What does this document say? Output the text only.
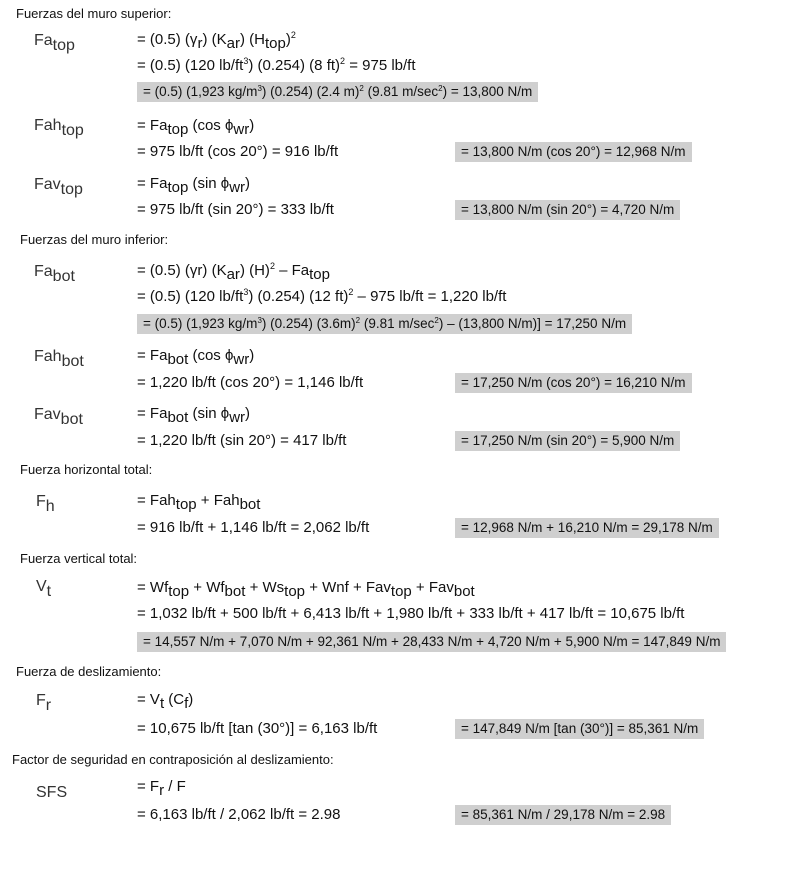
Fuerzas del muro superior:
$Fa_{top}$	= (0.5) $(\gamma_r)$ $(K_{ar})$ $(H_{top})^2$
= (0.5) (120 $lb/ft^3$) (0.254) (8 ft)$^2$ = 975 lb/ft
= (0.5) (1,923 $kg/m^3$) (0.254) (2.4 m)$^2$ (9.81 $m/\sec^2) = 13,800$ N/m
Fah$_{top}$	= $Fa_{top}$ (cos $\phi_{wr}$)
= 975 lb/ft (cos 20°) = 916 lb/ft	= 13,800 N/m (cos 20°) = 12,968 N/m
Fav$_{top}$	= $Fa_{top}$ (sin $\phi_{wr}$)
= 975 lb/ft (sin 20°) = 333 lb/ft	= 13,800 N/m (sin 20°) = 4,720 N/m
Fuerzas del muro inferior:
$Fa_{bot}$	= (0.5) (γr) $(K_{ar})$ $(H)^2 - Fa_{top}$
= (0.5) (120 $lb/ft^3$) (0.254) (12 ft)$^2$ – 975 lb/ft = 1,220 lb/ft
= (0.5) (1,923 $kg/m^3$) (0.254) $(3.6m)^2$ (9.81 $m/\sec^2) - (13,800$ N/m)] = 17,250 N/m
Fah$_{bot}$	= $Fa_{bot}$ (cos $\phi_{wr}$)
= 1,220 lb/ft (cos 20°) = 1,146 lb/ft	= 17,250 N/m (cos 20°) = 16,210 N/m
Fav$_{bot}$	= $Fa_{bot}$ (sin $\phi_{wr}$)
= 1,220 lb/ft (sin 20°) = 417 lb/ft	= 17,250 N/m (sin 20°) = 5,900 N/m
Fuerza horizontal total:
$F_h$	= Fah$_{top}$ + Fah$_{bot}$
= 916 lb/ft + 1,146 lb/ft = 2,062 lb/ft	= 12,968 N/m + 16,210 N/m = 29,178 N/m
Fuerza vertical total:
$V_t$	= $Wf_{top} + Wf_{bot} + Ws_{top}$ + Wnf + Fav$_{top}$ + Fav$_{bot}$
= 1,032 lb/ft + 500 lb/ft + 6,413 lb/ft + 1,980 lb/ft + 333 lb/ft + 417 lb/ft = 10,675 lb/ft
= 14,557 N/m + 7,070 N/m + 92,361 N/m + 28,433 N/m + 4,720 N/m + 5,900 N/m = 147,849 N/m
Fuerza de deslizamiento:
$F_r$	= $V_t$ $(C_f)$
= 10,675 lb/ft [tan (30°)] = 6,163 lb/ft	= 147,849 N/m [tan (30°)] = 85,361 N/m
Factor de seguridad en contraposición al deslizamiento:
SFS	= $F_r$ / F
= 6,163 lb/ft / 2,062 lb/ft = 2.98	= 85,361 N/m / 29,178 N/m = 2.98
